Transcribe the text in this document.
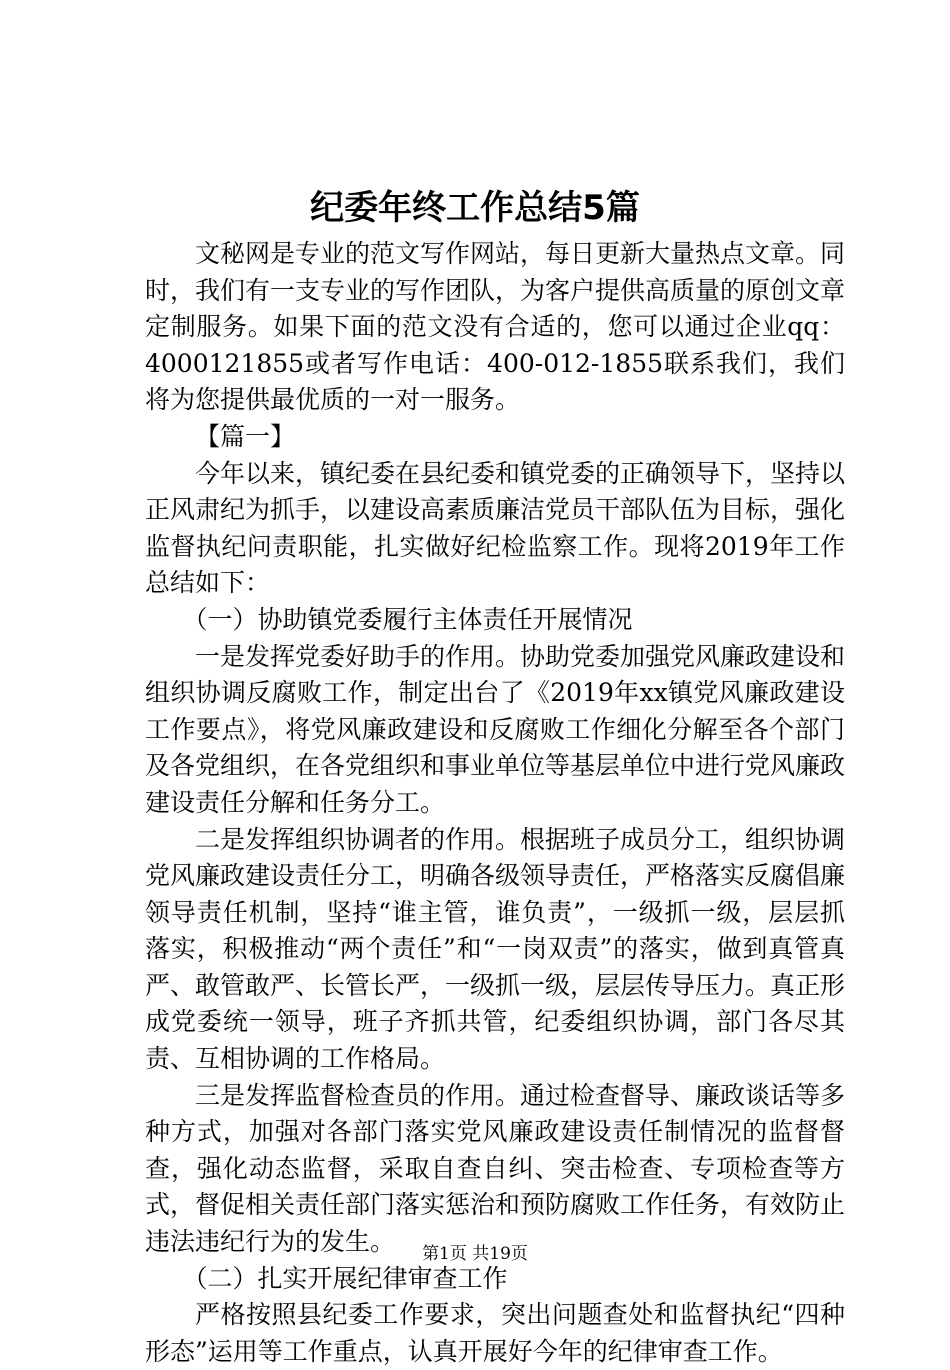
纪委年终工作总结5篇

文秘网是专业的范文写作网站，每日更新大量热点文章。同时，我们有一支专业的写作团队，为客户提供高质量的原创文章定制服务。如果下面的范文没有合适的，您可以通过企业qq：4000121855或者写作电话：400-012-1855联系我们，我们将为您提供最优质的一对一服务。

【篇一】

今年以来，镇纪委在县纪委和镇党委的正确领导下，坚持以正风肃纪为抓手，以建设高素质廉洁党员干部队伍为目标，强化监督执纪问责职能，扎实做好纪检监察工作。现将2019年工作总结如下：

（一）协助镇党委履行主体责任开展情况

一是发挥党委好助手的作用。协助党委加强党风廉政建设和组织协调反腐败工作，制定出台了《2019年xx镇党风廉政建设工作要点》，将党风廉政建设和反腐败工作细化分解至各个部门及各党组织，在各党组织和事业单位等基层单位中进行党风廉政建设责任分解和任务分工。

二是发挥组织协调者的作用。根据班子成员分工，组织协调党风廉政建设责任分工，明确各级领导责任，严格落实反腐倡廉领导责任机制，坚持“谁主管，谁负责”，一级抓一级，层层抓落实，积极推动“两个责任”和“一岗双责”的落实，做到真管真严、敢管敢严、长管长严，一级抓一级，层层传导压力。真正形成党委统一领导，班子齐抓共管，纪委组织协调，部门各尽其责、互相协调的工作格局。

三是发挥监督检查员的作用。通过检查督导、廉政谈话等多种方式，加强对各部门落实党风廉政建设责任制情况的监督督查，强化动态监督，采取自查自纠、突击检查、专项检查等方式，督促相关责任部门落实惩治和预防腐败工作任务，有效防止违法违纪行为的发生。

（二）扎实开展纪律审查工作

严格按照县纪委工作要求，突出问题查处和监督执纪“四种形态”运用等工作重点，认真开展好今年的纪律审查工作。

第1页 共19页
